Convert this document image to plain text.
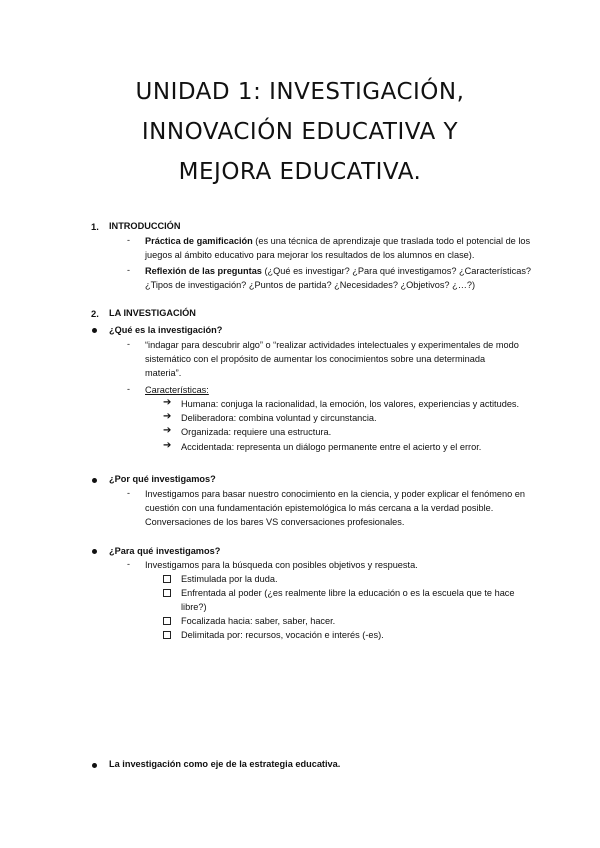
UNIDAD 1: INVESTIGACIÓN,
INNOVACIÓN EDUCATIVA Y
MEJORA EDUCATIVA.
1. INTRODUCCIÓN
- Práctica de gamificación (es una técnica de aprendizaje que traslada todo el potencial de los
juegos al ámbito educativo para mejorar los resultados de los alumnos en clase).
- Reflexión de las preguntas (¿Qué es investigar? ¿Para qué investigamos? ¿Características?
¿Tipos de investigación? ¿Puntos de partida? ¿Necesidades? ¿Objetivos? ¿…?)
2. LA INVESTIGACIÓN
¿Qué es la investigación?
- “indagar para descubrir algo” o “realizar actividades intelectuales y experimentales de modo
sistemático con el propósito de aumentar los conocimientos sobre una determinada
materia”.
- Características:
➔ Humana: conjuga la racionalidad, la emoción, los valores, experiencias y actitudes.
➔ Deliberadora: combina voluntad y circunstancia.
➔ Organizada: requiere una estructura.
➔ Accidentada: representa un diálogo permanente entre el acierto y el error.
¿Por qué investigamos?
- Investigamos para basar nuestro conocimiento en la ciencia, y poder explicar el fenómeno en
cuestión con una fundamentación epistemológica lo más cercana a la verdad posible.
Conversaciones de los bares VS conversaciones profesionales.
¿Para qué investigamos?
- Investigamos para la búsqueda con posibles objetivos y respuesta.
Estimulada por la duda.
Enfrentada al poder (¿es realmente libre la educación o es la escuela que te hace
libre?)
Focalizada hacia: saber, saber, hacer.
Delimitada por: recursos, vocación e interés (-es).
La investigación como eje de la estrategia educativa.
